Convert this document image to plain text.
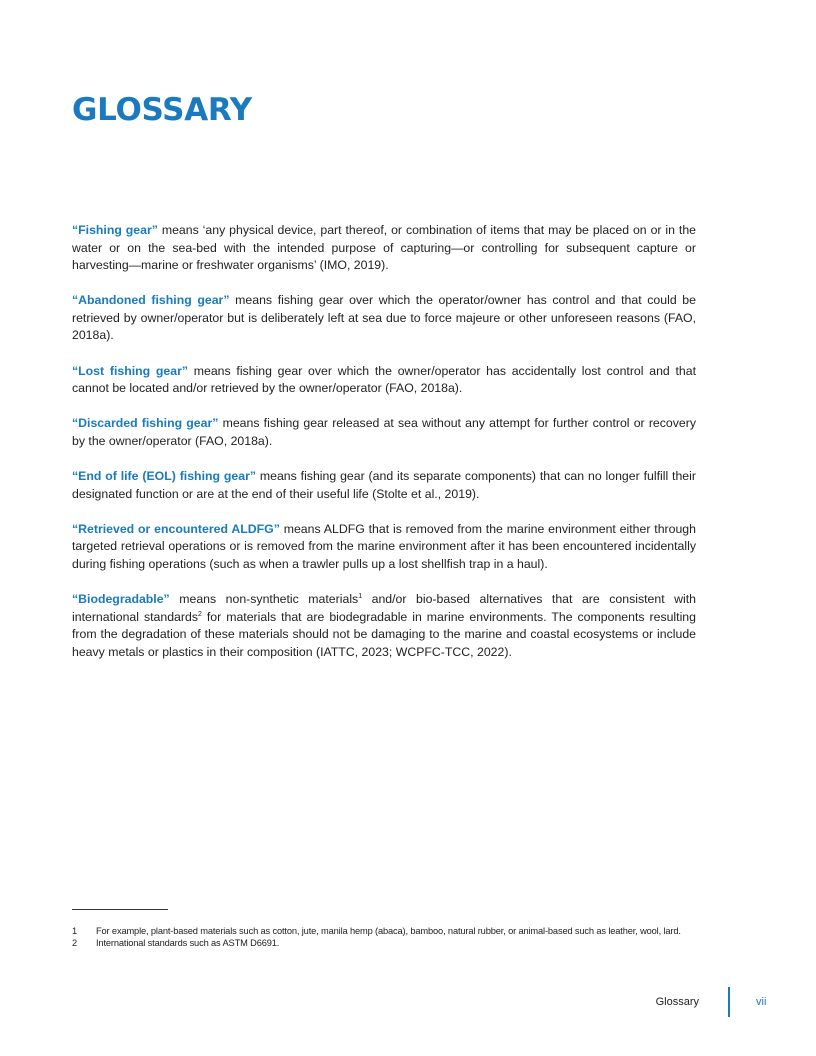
GLOSSARY

“Fishing gear” means ‘any physical device, part thereof, or combination of items that may be placed on or in the water or on the sea-bed with the intended purpose of capturing—or controlling for subsequent capture or harvesting—marine or freshwater organisms’ (IMO, 2019).

“Abandoned fishing gear” means fishing gear over which the operator/owner has control and that could be retrieved by owner/operator but is deliberately left at sea due to force majeure or other unforeseen reasons (FAO, 2018a).

“Lost fishing gear” means fishing gear over which the owner/operator has accidentally lost control and that cannot be located and/or retrieved by the owner/operator (FAO, 2018a).

“Discarded fishing gear” means fishing gear released at sea without any attempt for further control or recovery by the owner/operator (FAO, 2018a).

“End of life (EOL) fishing gear” means fishing gear (and its separate components) that can no longer fulfill their designated function or are at the end of their useful life (Stolte et al., 2019).

“Retrieved or encountered ALDFG” means ALDFG that is removed from the marine environment either through targeted retrieval operations or is removed from the marine environment after it has been encountered incidentally during fishing operations (such as when a trawler pulls up a lost shellfish trap in a haul).

“Biodegradable” means non-synthetic materials$^1$ and/or bio-based alternatives that are consistent with international standards$^2$ for materials that are biodegradable in marine environments. The components resulting from the degradation of these materials should not be damaging to the marine and coastal ecosystems or include heavy metals or plastics in their composition (IATTC, 2023; WCPFC-TCC, 2022).

1	For example, plant-based materials such as cotton, jute, manila hemp (abaca), bamboo, natural rubber, or animal-based such as leather, wool, lard.
2	International standards such as ASTM D6691.
Glossary	vii
